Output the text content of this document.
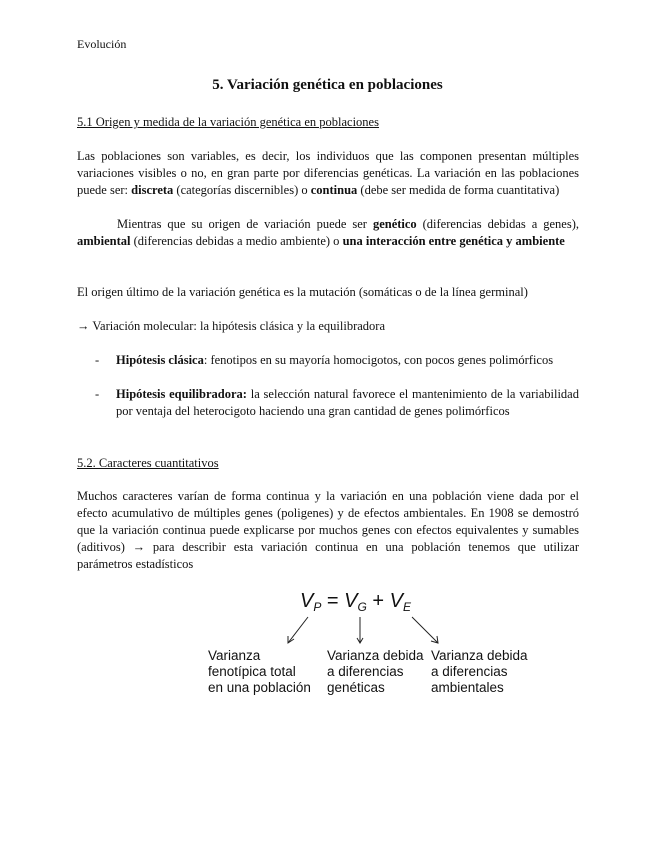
Evolución
5. Variación genética en poblaciones
5.1 Origen y medida de la variación genética en poblaciones
Las poblaciones son variables, es decir, los individuos que las componen presentan múltiples variaciones visibles o no, en gran parte por diferencias genéticas. La variación en las poblaciones puede ser: discreta (categorías discernibles) o continua (debe ser medida de forma cuantitativa)
Mientras que su origen de variación puede ser genético (diferencias debidas a genes), ambiental (diferencias debidas a medio ambiente) o una interacción entre genética y ambiente
El origen último de la variación genética es la mutación (somáticas o de la línea germinal)
→ Variación molecular: la hipótesis clásica y la equilibradora
- Hipótesis clásica: fenotipos en su mayoría homocigotos, con pocos genes polimórficos
- Hipótesis equilibradora: la selección natural favorece el mantenimiento de la variabilidad por ventaja del heterocigoto haciendo una gran cantidad de genes polimórficos
5.2. Caracteres cuantitativos
Muchos caracteres varían de forma continua y la variación en una población viene dada por el efecto acumulativo de múltiples genes (poligenes) y de efectos ambientales. En 1908 se demostró que la variación continua puede explicarse por muchos genes con efectos equivalentes y sumables (aditivos) → para describir esta variación continua en una población tenemos que utilizar parámetros estadísticos
$V_P = V_G + V_E$
Varianza
fenotípica total
en una población
Varianza debida
a diferencias
genéticas
Varianza debida
a diferencias
ambientales
